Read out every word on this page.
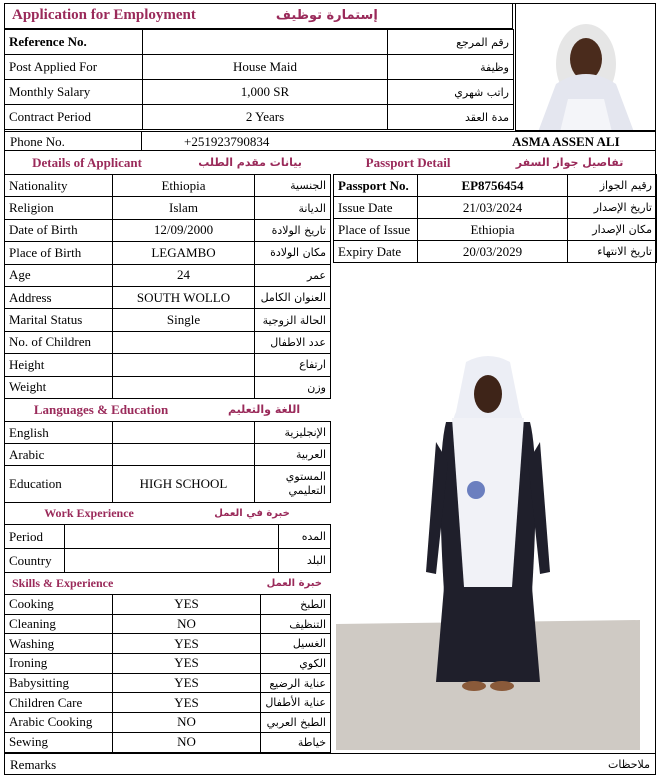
Application for Employment	إستمارة توظيف
Reference No.		رقم المرجع
Post Applied For	House Maid	وظيفة
Monthly Salary	1,000 SR	راتب شهري
Contract Period	2 Years	مدة العقد
Phone No.	+251923790834	ASMA ASSEN ALI
Details of Applicant	بيانات مقدم الطلب
Nationality	Ethiopia	الجنسية
Religion	Islam	الديانة
Date of Birth	12/09/2000	تاريخ الولادة
Place of Birth	LEGAMBO	مكان الولادة
Age	24	عمر
Address	SOUTH WOLLO	العنوان الكامل
Marital Status	Single	الحالة الزوجية
No. of Children		عدد الاطفال
Height		ارتفاع
Weight		وزن
Languages & Education	اللغة والتعليم
English		الإنجليزية
Arabic		العربية
Education	HIGH SCHOOL	المستوي التعليمي
Work Experience	خبرة في العمل
Period		المده
Country		البلد
Skills & Experience	خبرة العمل
Cooking	YES	الطبخ
Cleaning	NO	التنظيف
Washing	YES	الغسيل
Ironing	YES	الكوي
Babysitting	YES	عناية الرضيع
Children Care	YES	عناية الأطفال
Arabic Cooking	NO	الطبخ العربي
Sewing	NO	خياطة
Passport Detail	تفاصيل جواز السفر
Passport No.	EP8756454	رقيم الجواز
Issue Date	21/03/2024	تاريخ الإصدار
Place of Issue	Ethiopia	مكان الإصدار
Expiry Date	20/03/2029	تاريخ الانتهاء
Remarks	ملاحظات
